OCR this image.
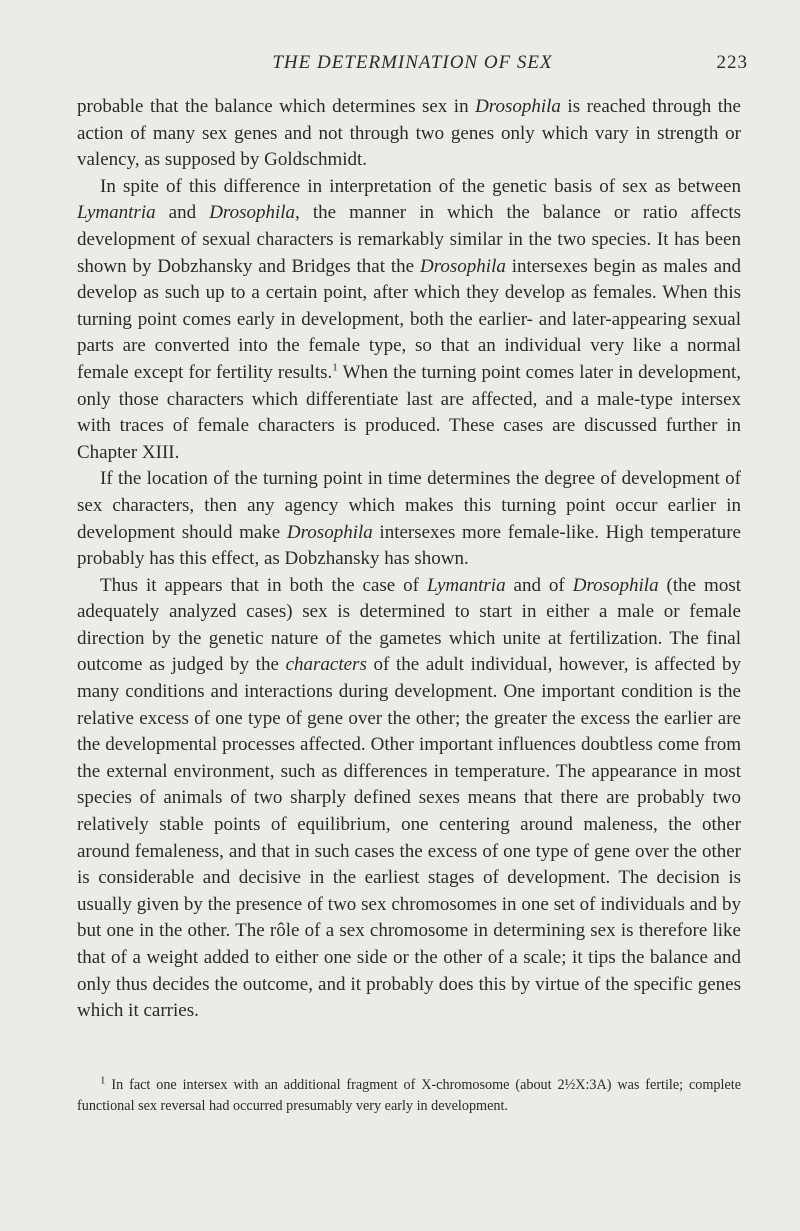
THE DETERMINATION OF SEX	223

probable that the balance which determines sex in Drosophila is reached through the action of many sex genes and not through two genes only which vary in strength or valency, as supposed by Goldschmidt.

In spite of this difference in interpretation of the genetic basis of sex as between Lymantria and Drosophila, the manner in which the balance or ratio affects development of sexual characters is remarkably similar in the two species. It has been shown by Dobzhansky and Bridges that the Drosophila intersexes begin as males and develop as such up to a certain point, after which they develop as females. When this turning point comes early in development, both the earlier- and later-appearing sexual parts are converted into the female type, so that an individual very like a normal female except for fertility results.$^1$ When the turning point comes later in development, only those characters which differentiate last are affected, and a male-type intersex with traces of female characters is produced. These cases are discussed further in Chapter XIII.

If the location of the turning point in time determines the degree of development of sex characters, then any agency which makes this turning point occur earlier in development should make Drosophila intersexes more female-like. High temperature probably has this effect, as Dobzhansky has shown.

Thus it appears that in both the case of Lymantria and of Drosophila (the most adequately analyzed cases) sex is determined to start in either a male or female direction by the genetic nature of the gametes which unite at fertilization. The final outcome as judged by the characters of the adult individual, however, is affected by many conditions and interactions during development. One important condition is the relative excess of one type of gene over the other; the greater the excess the earlier are the developmental processes affected. Other important influences doubtless come from the external environment, such as differences in temperature. The appearance in most species of animals of two sharply defined sexes means that there are probably two relatively stable points of equilibrium, one centering around maleness, the other around femaleness, and that in such cases the excess of one type of gene over the other is considerable and decisive in the earliest stages of development. The decision is usually given by the presence of two sex chromosomes in one set of individuals and by but one in the other. The rôle of a sex chromosome in determining sex is therefore like that of a weight added to either one side or the other of a scale; it tips the balance and only thus decides the outcome, and it probably does this by virtue of the specific genes which it carries.

$^1$ In fact one intersex with an additional fragment of X-chromosome (about 2½X:3A) was fertile; complete functional sex reversal had occurred presumably very early in development.
